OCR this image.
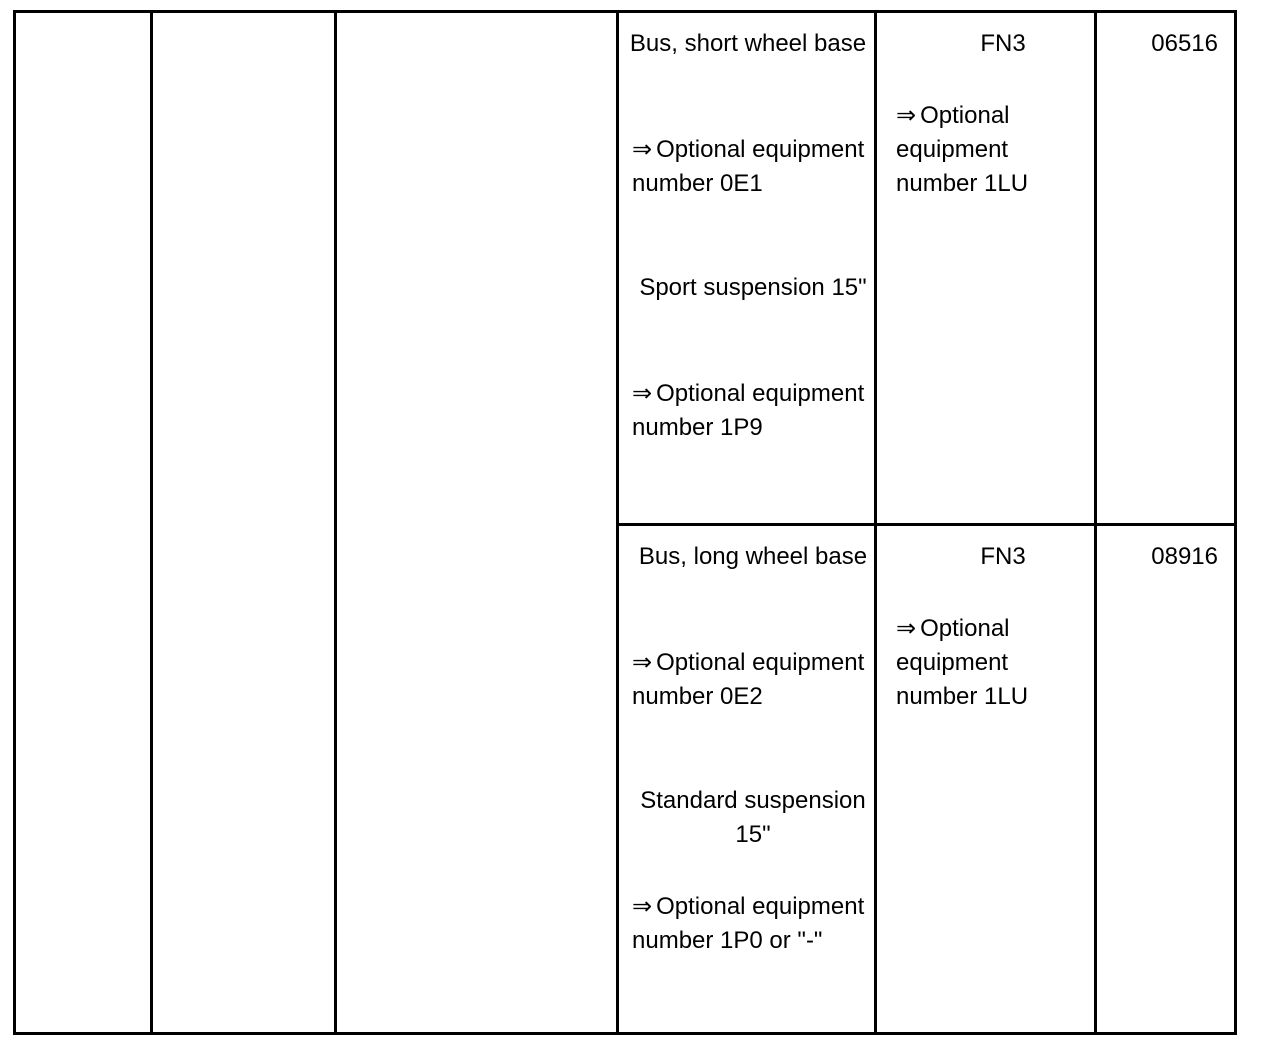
Bus, short wheel base
⇒ Optional equipment number 0E1
Sport suspension 15"
⇒ Optional equipment number 1P9
FN3
⇒ Optional equipment number 1LU
06516
Bus, long wheel base
⇒ Optional equipment number 0E2
Standard suspension 15"
⇒ Optional equipment number 1P0 or "-"
FN3
⇒ Optional equipment number 1LU
08916
